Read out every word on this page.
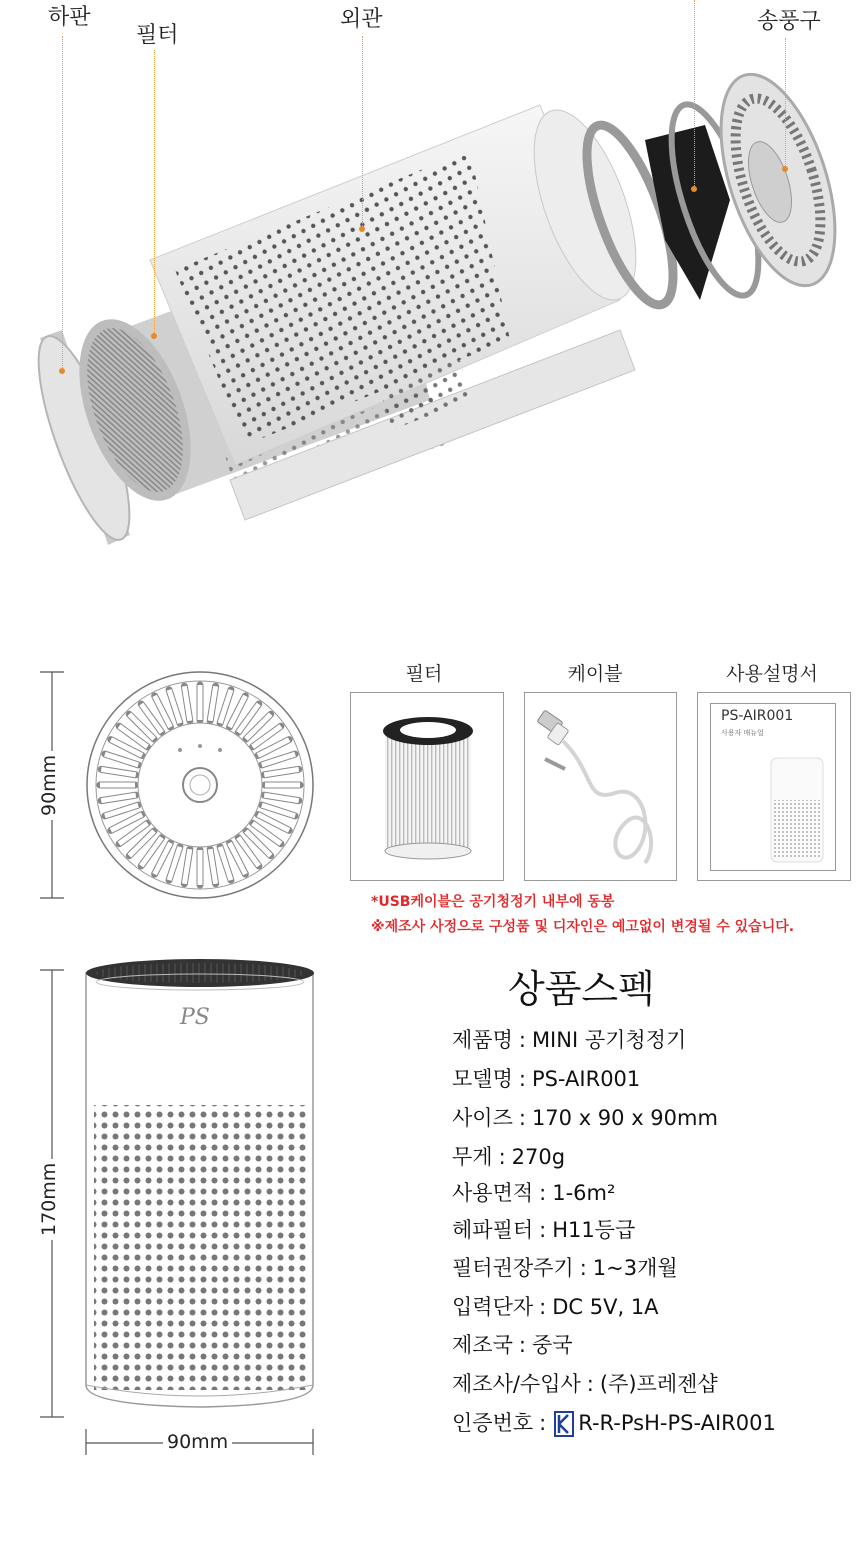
하판
필터
외관	송풍구
90mm
필터	케이블	사용설명서
PS-AIR001
사용자 매뉴얼
*USB케이블은 공기청정기 내부에 동봉
※제조사 사정으로 구성품 및 디자인은 예고없이 변경될 수 있습니다.
PS
170mm
90mm
상품스펙
제품명 : MINI 공기청정기
모델명 : PS-AIR001
사이즈 : 170 x 90 x 90mm
무게 : 270g
사용면적 : 1-6m²
헤파필터 : H11등급
필터권장주기 : 1~3개월
입력단자 : DC 5V, 1A
제조국 : 중국
제조사/수입사 : (주)프레젠샵
인증번호 : R-R-PsH-PS-AIR001
